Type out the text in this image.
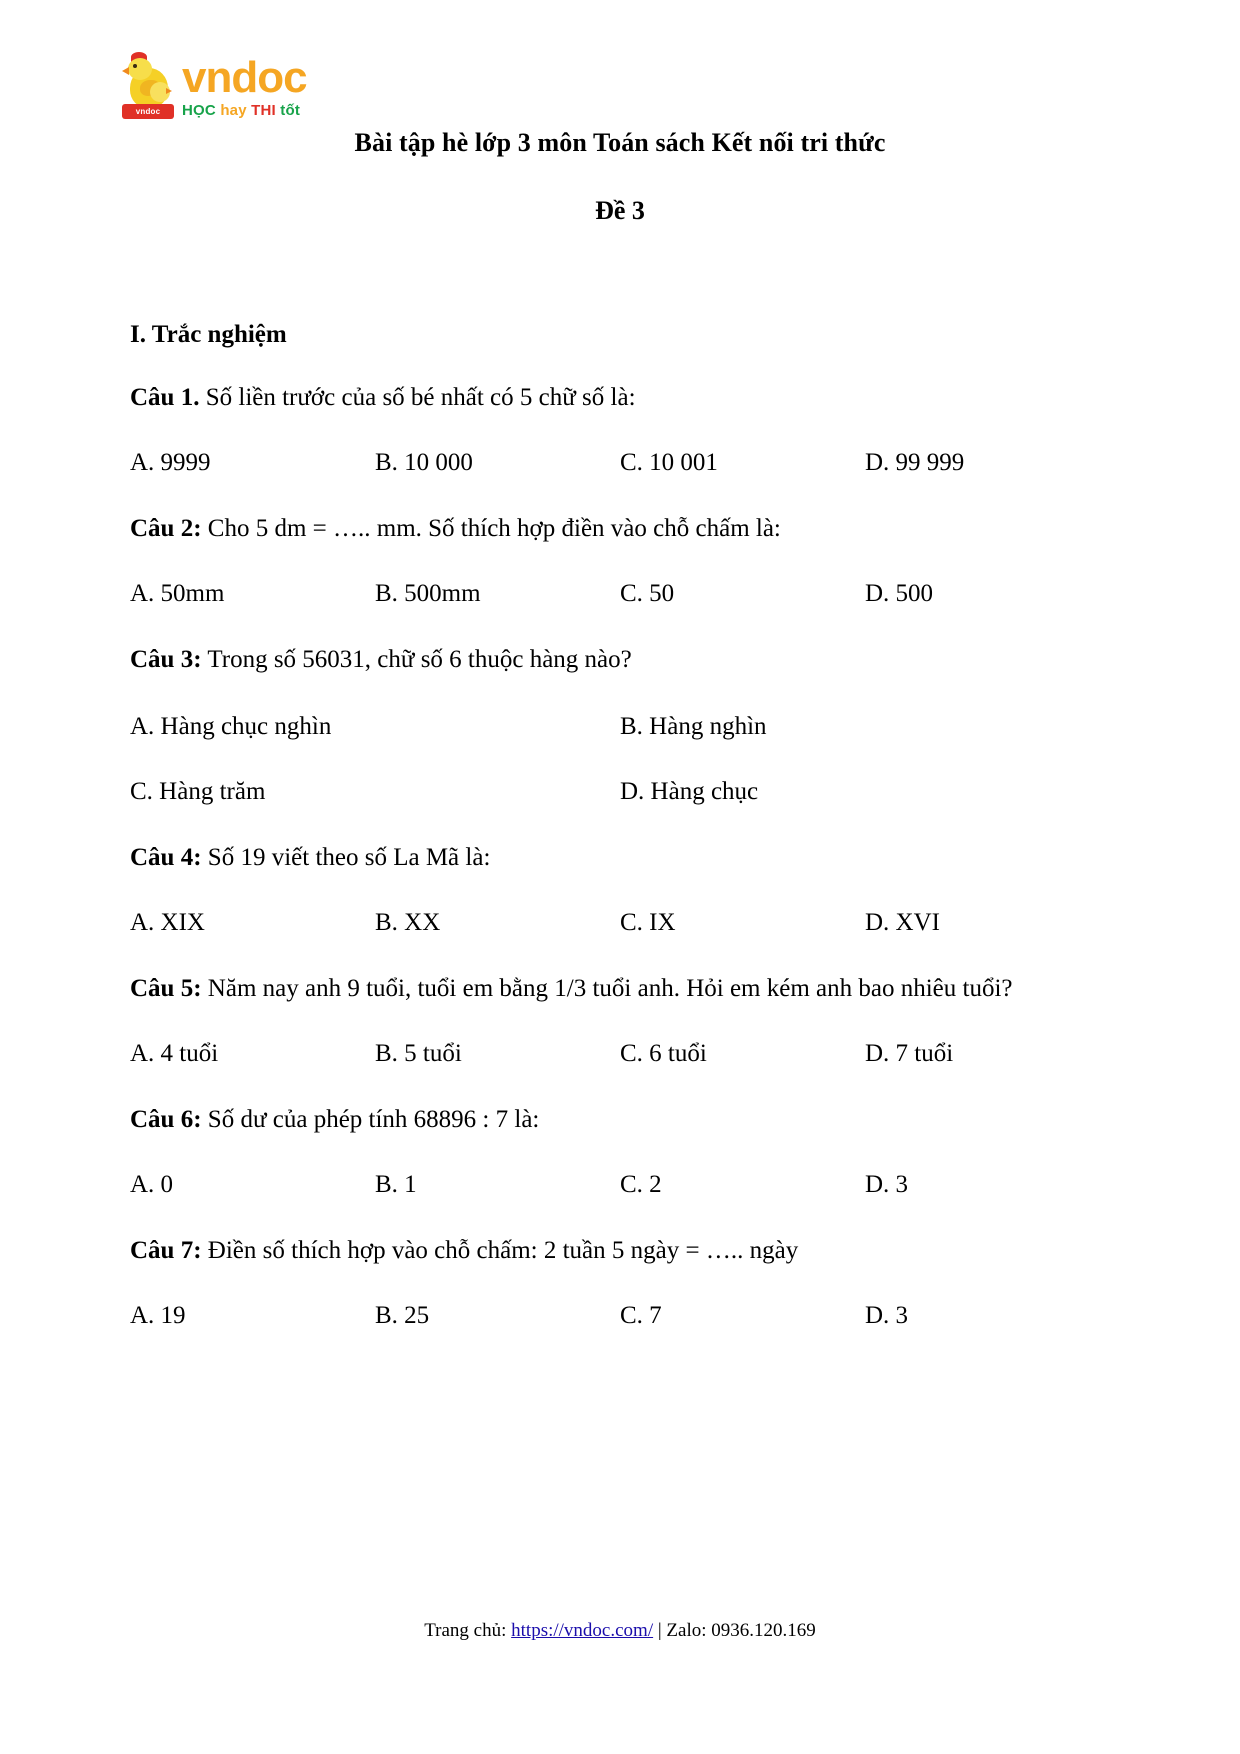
vndoc
vndoc
HỌC hay THI tốt
Bài tập hè lớp 3 môn Toán sách Kết nối tri thức
Đề 3
I. Trắc nghiệm

Câu 1. Số liền trước của số bé nhất có 5 chữ số là:

A. 9999	B. 10 000	C. 10 001	D. 99 999

Câu 2: Cho 5 dm = ….. mm. Số thích hợp điền vào chỗ chấm là:

A. 50mm	B. 500mm	C. 50	D. 500

Câu 3: Trong số 56031, chữ số 6 thuộc hàng nào?

A. Hàng chục nghìn	B. Hàng nghìn
C. Hàng trăm	D. Hàng chục

Câu 4: Số 19 viết theo số La Mã là:

A. XIX	B. XX	C. IX	D. XVI

Câu 5: Năm nay anh 9 tuổi, tuổi em bằng 1/3 tuổi anh. Hỏi em kém anh bao nhiêu tuổi?

A. 4 tuổi	B. 5 tuổi	C. 6 tuổi	D. 7 tuổi

Câu 6: Số dư của phép tính 68896 : 7 là:

A. 0	B. 1	C. 2	D. 3

Câu 7: Điền số thích hợp vào chỗ chấm: 2 tuần 5 ngày = ….. ngày

A. 19	B. 25	C. 7	D. 3
Trang chủ: https://vndoc.com/ | Zalo: 0936.120.169
